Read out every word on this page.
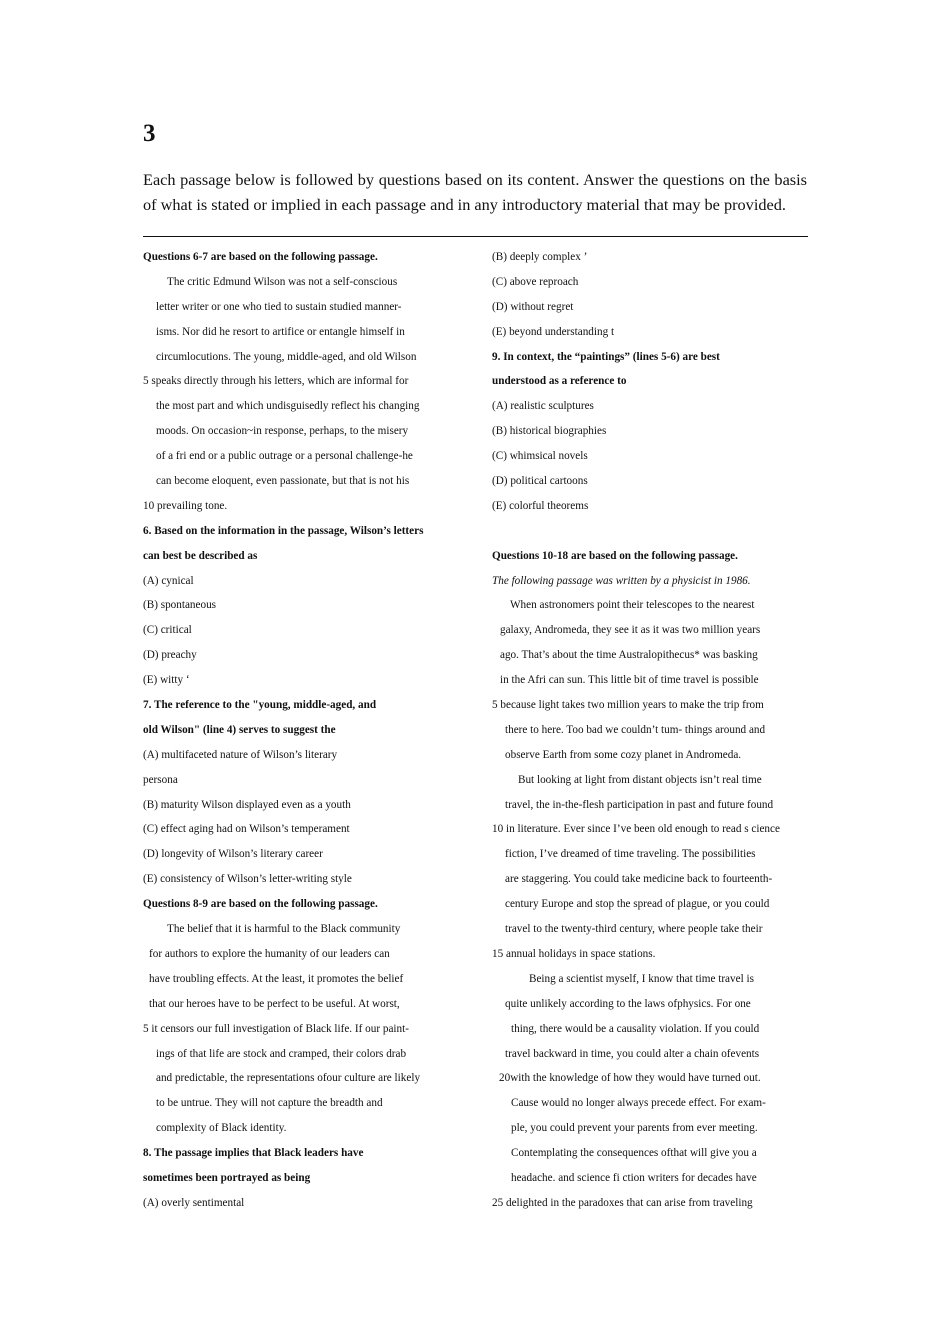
3
Each passage below is followed by questions based on its content. Answer the questions on the basis of what is stated or implied in each passage and in any introductory material that may be provided.
Questions 6-7 are based on the following passage.
The critic Edmund Wilson was not a self-conscious
letter writer or one who tied to sustain studied manner-
isms. Nor did he resort to artifice or entangle himself in
circumlocutions. The young, middle-aged, and old Wilson
5 speaks directly through his letters, which are informal for
the most part and which undisguisedly reflect his changing
moods. On occasion~in response, perhaps, to the misery
of a fri end or a public outrage or a personal challenge-he
can become eloquent, even passionate, but that is not his
10 prevailing tone.
6. Based on the information in the passage, Wilson’s letters
can best be described as
(A) cynical
(B) spontaneous
(C) critical
(D) preachy
(E) witty ‘
7. The reference to the "young, middle-aged, and
old Wilson" (line 4) serves to suggest the
(A) multifaceted nature of Wilson’s literary
persona
(B) maturity Wilson displayed even as a youth
(C) effect aging had on Wilson’s temperament
(D) longevity of Wilson’s literary career
(E) consistency of Wilson’s letter-writing style
Questions 8-9 are based on the following passage.
The belief that it is harmful to the Black community
for authors to explore the humanity of our leaders can
have troubling effects. At the least, it promotes the belief
that our heroes have to be perfect to be useful. At worst,
5 it censors our full investigation of Black life. If our paint-
ings of that life are stock and cramped, their colors drab
and predictable, the representations ofour culture are likely
to be untrue. They will not capture the breadth and
complexity of Black identity.
8. The passage implies that Black leaders have
sometimes been portrayed as being
(A) overly sentimental
(B) deeply complex ’
(C) above reproach
(D) without regret
(E) beyond understanding t
9. In context, the “paintings” (lines 5-6) are best
understood as a reference to
(A) realistic sculptures
(B) historical biographies
(C) whimsical novels
(D) political cartoons
(E) colorful theorems
Questions 10-18 are based on the following passage.
The following passage was written by a physicist in 1986.
When astronomers point their telescopes to the nearest
galaxy, Andromeda, they see it as it was two million years
ago. That’s about the time Australopithecus* was basking
in the Afri can sun. This little bit of time travel is possible
5 because light takes two million years to make the trip from
there to here. Too bad we couldn’t tum- things around and
observe Earth from some cozy planet in Andromeda.
But looking at light from distant objects isn’t real time
travel, the in-the-flesh participation in past and future found
10 in literature. Ever since I’ve been old enough to read s cience
fiction, I’ve dreamed of time traveling. The possibilities
are staggering. You could take medicine back to fourteenth-
century Europe and stop the spread of plague, or you could
travel to the twenty-third century, where people take their
15 annual holidays in space stations.
Being a scientist myself, I know that time travel is
quite unlikely according to the laws ofphysics. For one
thing, there would be a causality violation. If you could
travel backward in time, you could alter a chain ofevents
20with the knowledge of how they would have turned out.
Cause would no longer always precede effect. For exam-
ple, you could prevent your parents from ever meeting.
Contemplating the consequences ofthat will give you a
headache. and science fi ction writers for decades have
25 delighted in the paradoxes that can arise from traveling
